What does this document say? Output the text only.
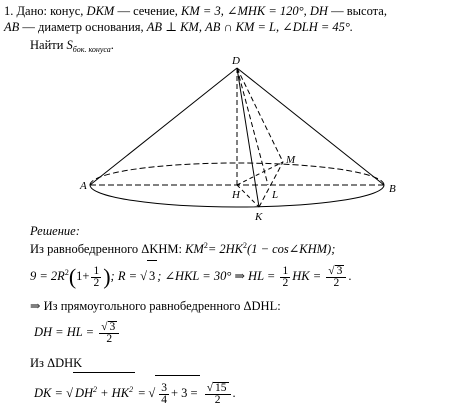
1. Дано: конус, DKM — сечение, KM = 3, ∠MHK = 120°, DH — высота,
AB — диаметр основания, AB ⊥ KM, AB ∩ KM = L, ∠DLH = 45°.
Найти $S_{бок. конуса}$.
D
A	B
H	L
K
M
Решение:
Из равнобедренного ΔKHM: $KM^2= 2HK^2(1$ − cos∠KHM);
$9 = 2R^2(1+ \frac{1}{2}$ ); R = √ 3 ; ∠HKL = 30° ⇒ HL = $\frac{1}{2}$ HK = $\frac{√ 3}{2}$ .
⇒ Из прямоугольного равнобедренного ΔDHL:
DH = HL = $\frac{√ 3}{2}$
Из ΔDHK
DK = √ $DH^2 + HK^2$ = √ $\frac{3}{4} + 3 = \frac{√ 15}{2}$ .
